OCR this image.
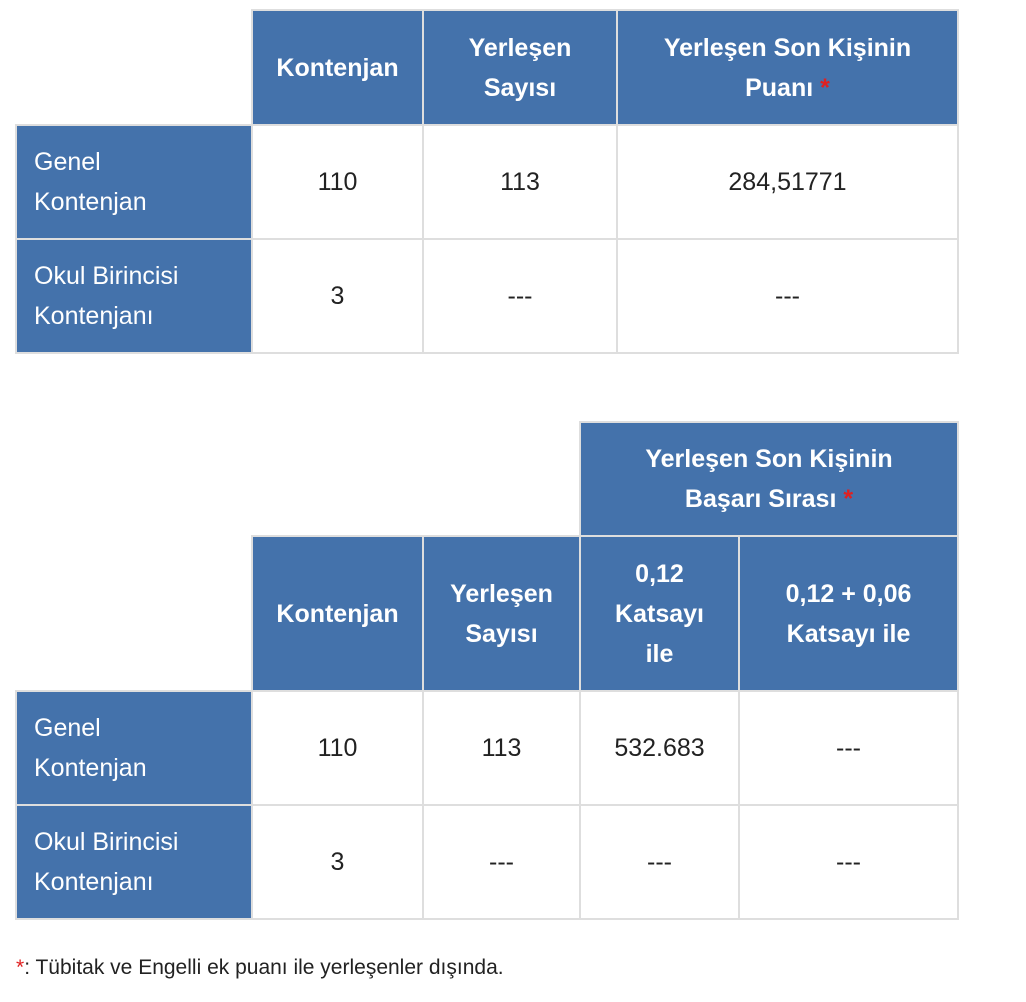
	Kontenjan	Yerleşen Sayısı	Yerleşen Son Kişinin Puanı *

Genel Kontenjan	110	113	284,51771

Okul Birincisi Kontenjanı	3	---	---

			Yerleşen Son Kişinin Başarı Sırası *	

	Kontenjan	Yerleşen Sayısı	0,12 Katsayı ile	0,12 + 0,06 Katsayı ile

Genel Kontenjan	110	113	532.683	---

Okul Birincisi Kontenjanı	3	---	---	---
*: Tübitak ve Engelli ek puanı ile yerleşenler dışında.
